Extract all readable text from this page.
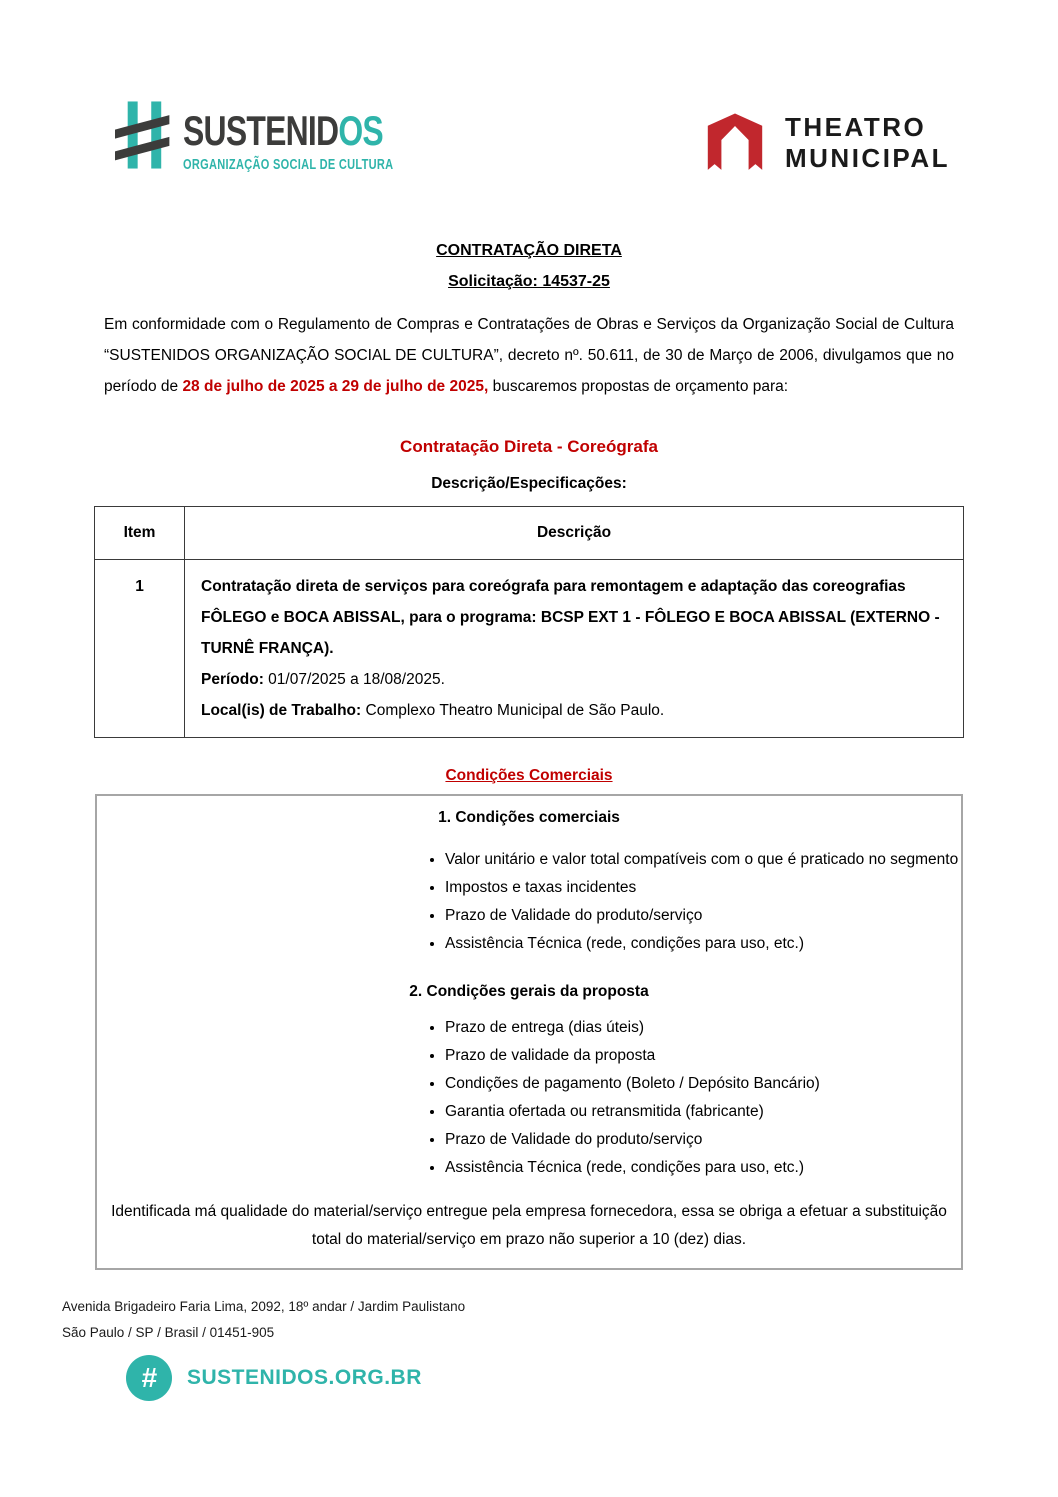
SUSTENIDOS
ORGANIZAÇÃO SOCIAL DE CULTURA
THEATRO
MUNICIPAL
CONTRATAÇÃO DIRETA
Solicitação: 14537-25

Em conformidade com o Regulamento de Compras e Contratações de Obras e Serviços da Organização Social de Cultura “SUSTENIDOS ORGANIZAÇÃO SOCIAL DE CULTURA”, decreto nº. 50.611, de 30 de Março de 2006, divulgamos que no período de 28 de julho de 2025 a 29 de julho de 2025, buscaremos propostas de orçamento para:

Contratação Direta - Coreógrafa
Descrição/Especificações:
Item	Descrição
1	Contratação direta de serviços para coreógrafa para remontagem e adaptação das coreografias FÔLEGO e BOCA ABISSAL, para o programa: BCSP EXT 1 - FÔLEGO E BOCA ABISSAL (EXTERNO - TURNÊ FRANÇA).
Período: 01/07/2025 a 18/08/2025.
Local(is) de Trabalho: Complexo Theatro Municipal de São Paulo.
Condições Comerciais
1. Condições comerciais
• Valor unitário e valor total compatíveis com o que é praticado no segmento
• Impostos e taxas incidentes
• Prazo de Validade do produto/serviço
• Assistência Técnica (rede, condições para uso, etc.)
2. Condições gerais da proposta
• Prazo de entrega (dias úteis)
• Prazo de validade da proposta
• Condições de pagamento (Boleto / Depósito Bancário)
• Garantia ofertada ou retransmitida (fabricante)
• Prazo de Validade do produto/serviço
• Assistência Técnica (rede, condições para uso, etc.)

Identificada má qualidade do material/serviço entregue pela empresa fornecedora, essa se obriga a efetuar a substituição total do material/serviço em prazo não superior a 10 (dez) dias.

Avenida Brigadeiro Faria Lima, 2092, 18º andar / Jardim Paulistano
São Paulo / SP / Brasil / 01451-905
#	SUSTENIDOS.ORG.BR
